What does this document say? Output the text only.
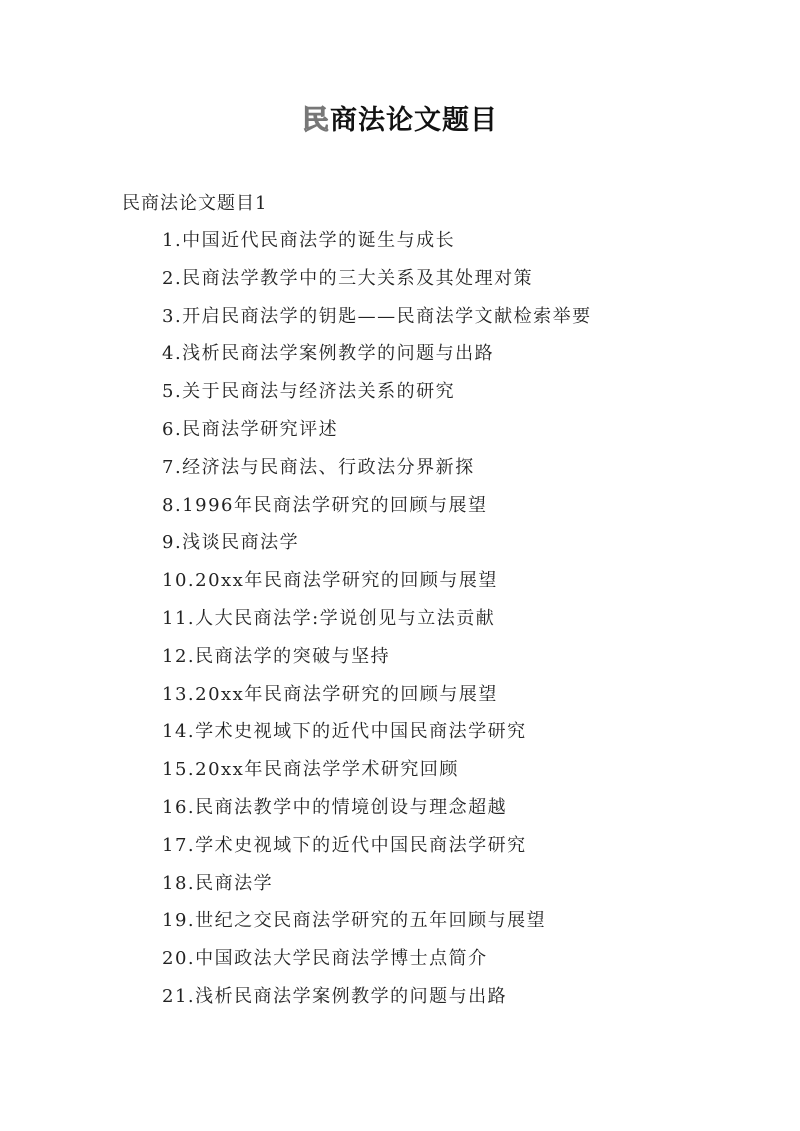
民商法论文题目
民商法论文题目1
1.中国近代民商法学的诞生与成长
2.民商法学教学中的三大关系及其处理对策
3.开启民商法学的钥匙——民商法学文献检索举要
4.浅析民商法学案例教学的问题与出路
5.关于民商法与经济法关系的研究
6.民商法学研究评述
7.经济法与民商法、行政法分界新探
8.1996年民商法学研究的回顾与展望
9.浅谈民商法学
10.20xx年民商法学研究的回顾与展望
11.人大民商法学:学说创见与立法贡献
12.民商法学的突破与坚持
13.20xx年民商法学研究的回顾与展望
14.学术史视域下的近代中国民商法学研究
15.20xx年民商法学学术研究回顾
16.民商法教学中的情境创设与理念超越
17.学术史视域下的近代中国民商法学研究
18.民商法学
19.世纪之交民商法学研究的五年回顾与展望
20.中国政法大学民商法学博士点简介
21.浅析民商法学案例教学的问题与出路
